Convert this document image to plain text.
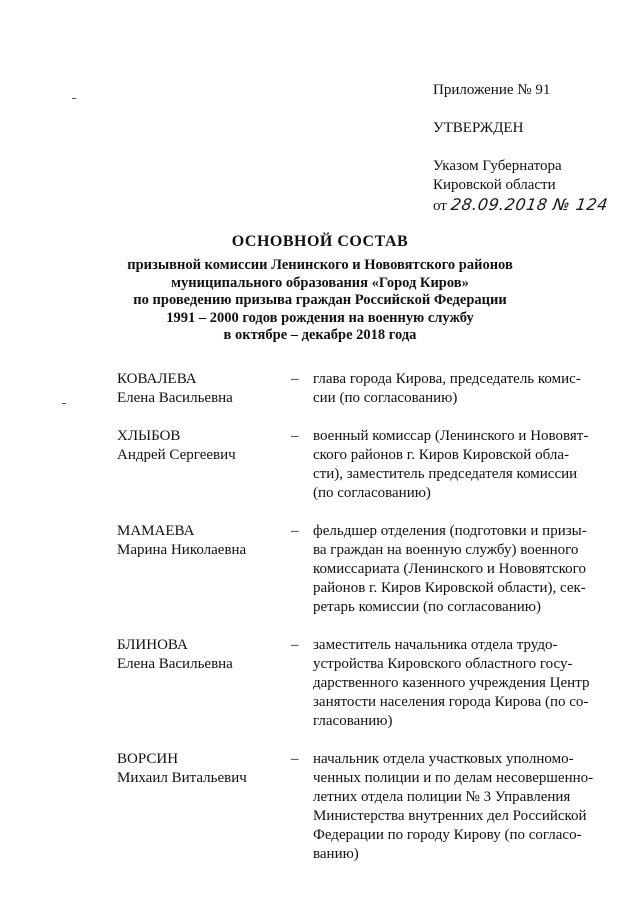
Приложение № 91
УТВЕРЖДЕН
Указом Губернатора
Кировской области
от 28.09.2018 № 124
ОСНОВНОЙ СОСТАВ
призывной комиссии Ленинского и Нововятского районов
муниципального образования «Город Киров»
по проведению призыва граждан Российской Федерации
1991 – 2000 годов рождения на военную службу
в октябре – декабре 2018 года
КОВАЛЕВА
Елена Васильевна
– глава города Кирова, председатель комис-
сии (по согласованию)
ХЛЫБОВ
Андрей Сергеевич
– военный комиссар (Ленинского и Нововят-
ского районов г. Киров Кировской обла-
сти), заместитель председателя комиссии
(по согласованию)
МАМАЕВА
Марина Николаевна
– фельдшер отделения (подготовки и призы-
ва граждан на военную службу) военного
комиссариата (Ленинского и Нововятского
районов г. Киров Кировской области), сек-
ретарь комиссии (по согласованию)
БЛИНОВА
Елена Васильевна
– заместитель начальника отдела трудо-
устройства Кировского областного госу-
дарственного казенного учреждения Центр
занятости населения города Кирова (по со-
гласованию)
ВОРСИН
Михаил Витальевич
– начальник отдела участковых уполномо-
ченных полиции и по делам несовершенно-
летних отдела полиции № 3 Управления
Министерства внутренних дел Российской
Федерации по городу Кирову (по согласо-
ванию)
